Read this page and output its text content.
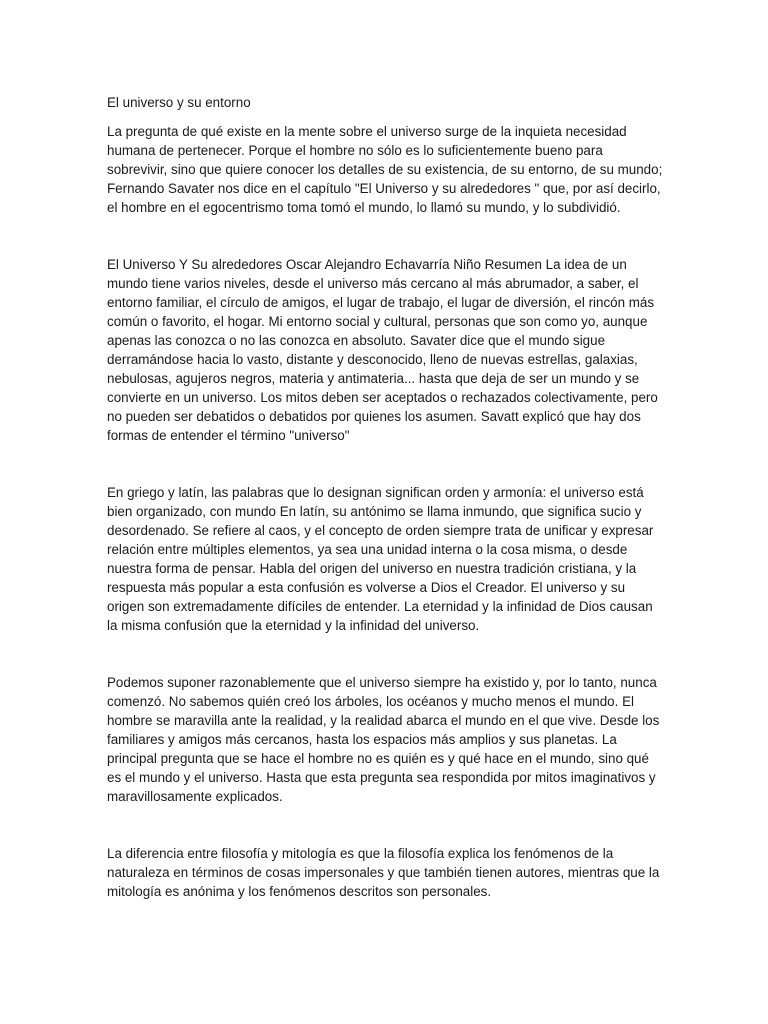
El universo y su entorno

La pregunta de qué existe en la mente sobre el universo surge de la inquieta necesidad humana de pertenecer. Porque el hombre no sólo es lo suficientemente bueno para sobrevivir, sino que quiere conocer los detalles de su existencia, de su entorno, de su mundo; Fernando Savater nos dice en el capítulo "El Universo y su alrededores " que, por así decirlo, el hombre en el egocentrismo toma tomó el mundo, lo llamó su mundo, y lo subdividió.

El Universo Y Su alrededores Oscar Alejandro Echavarría Niño Resumen La idea de un mundo tiene varios niveles, desde el universo más cercano al más abrumador, a saber, el entorno familiar, el círculo de amigos, el lugar de trabajo, el lugar de diversión, el rincón más común o favorito, el hogar. Mi entorno social y cultural, personas que son como yo, aunque apenas las conozca o no las conozca en absoluto. Savater dice que el mundo sigue derramándose hacia lo vasto, distante y desconocido, lleno de nuevas estrellas, galaxias, nebulosas, agujeros negros, materia y antimateria... hasta que deja de ser un mundo y se convierte en un universo. Los mitos deben ser aceptados o rechazados colectivamente, pero no pueden ser debatidos o debatidos por quienes los asumen. Savatt explicó que hay dos formas de entender el término "universo"

En griego y latín, las palabras que lo designan significan orden y armonía: el universo está bien organizado, con mundo En latín, su antónimo se llama inmundo, que significa sucio y desordenado. Se refiere al caos, y el concepto de orden siempre trata de unificar y expresar relación entre múltiples elementos, ya sea una unidad interna o la cosa misma, o desde nuestra forma de pensar. Habla del origen del universo en nuestra tradición cristiana, y la respuesta más popular a esta confusión es volverse a Dios el Creador. El universo y su origen son extremadamente difíciles de entender. La eternidad y la infinidad de Dios causan la misma confusión que la eternidad y la infinidad del universo.

Podemos suponer razonablemente que el universo siempre ha existido y, por lo tanto, nunca comenzó. No sabemos quién creó los árboles, los océanos y mucho menos el mundo. El hombre se maravilla ante la realidad, y la realidad abarca el mundo en el que vive. Desde los familiares y amigos más cercanos, hasta los espacios más amplios y sus planetas. La principal pregunta que se hace el hombre no es quién es y qué hace en el mundo, sino qué es el mundo y el universo. Hasta que esta pregunta sea respondida por mitos imaginativos y maravillosamente explicados.

La diferencia entre filosofía y mitología es que la filosofía explica los fenómenos de la naturaleza en términos de cosas impersonales y que también tienen autores, mientras que la mitología es anónima y los fenómenos descritos son personales.
